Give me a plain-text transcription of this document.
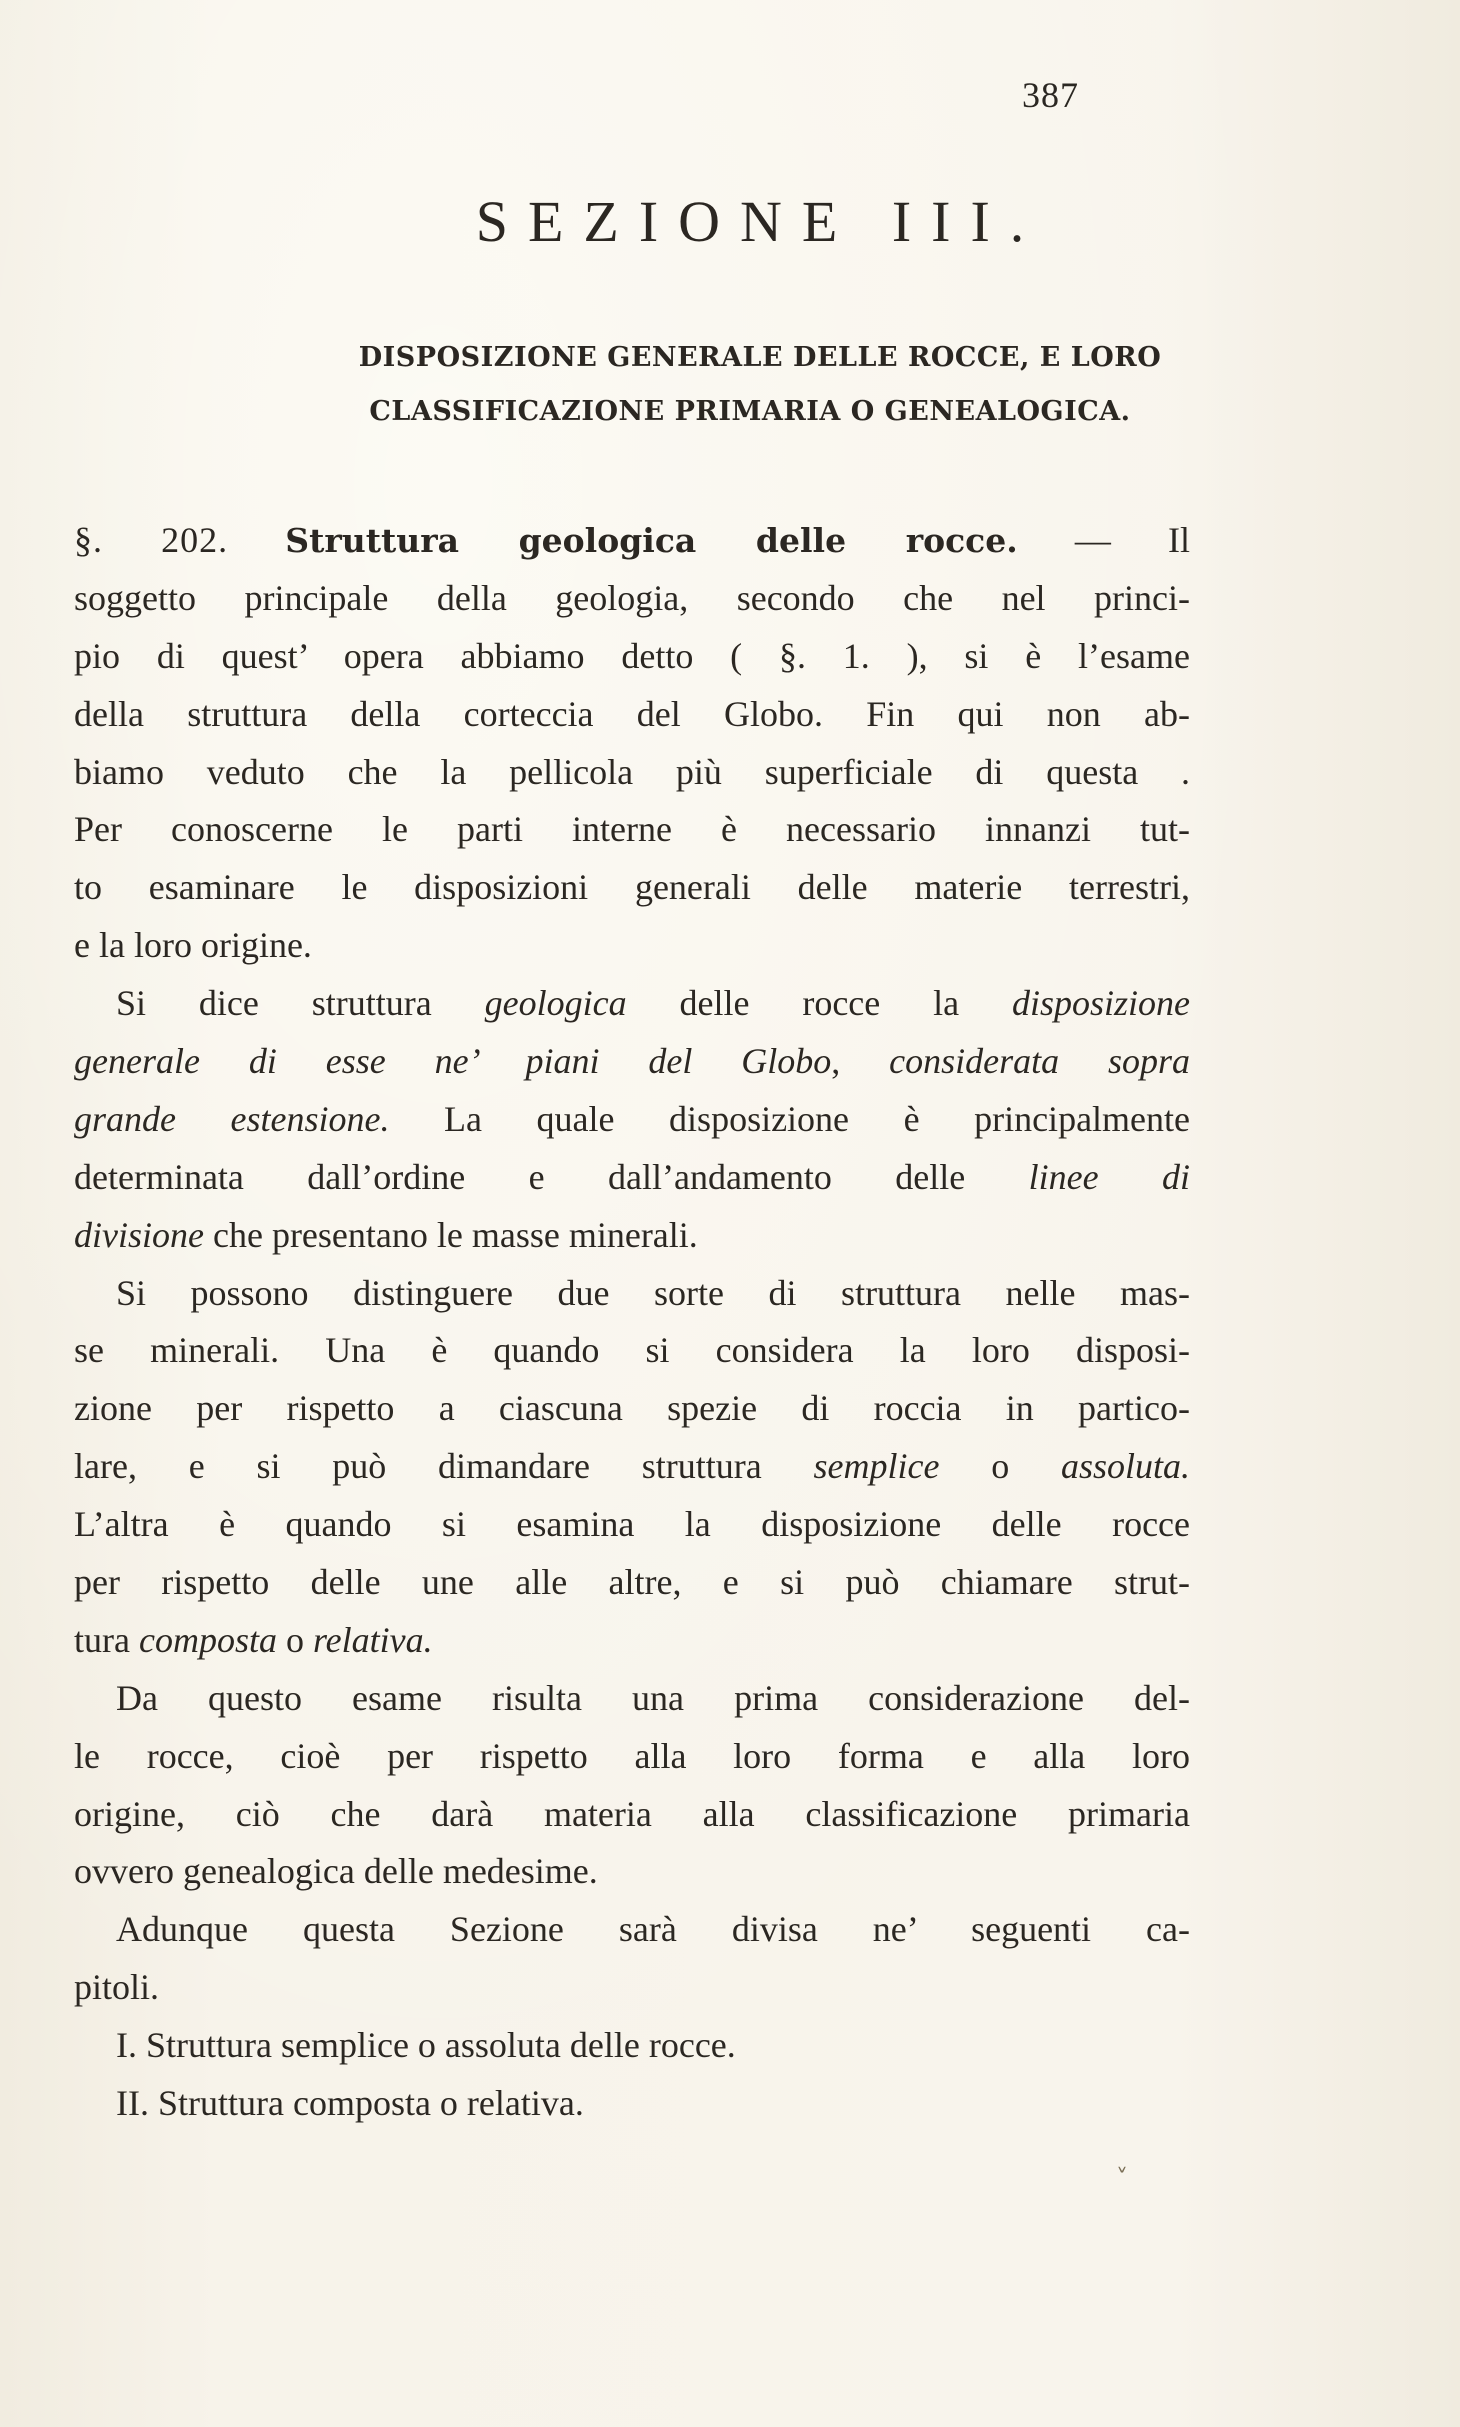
387
SEZIONE III.
DISPOSIZIONE GENERALE DELLE ROCCE, E LORO
CLASSIFICAZIONE PRIMARIA O GENEALOGICA.
§. 202. Struttura geologica delle rocce. — Il
soggetto principale della geologia, secondo che nel princi-
pio di quest’ opera abbiamo detto ( §. 1. ), si è l’esame
della struttura della corteccia del Globo. Fin qui non ab-
biamo veduto che la pellicola più superficiale di questa .
Per conoscerne le parti interne è necessario innanzi tut-
to esaminare le disposizioni generali delle materie terrestri,
e la loro origine.
Si dice struttura geologica delle rocce la disposizione
generale di esse ne’ piani del Globo, considerata sopra
grande estensione. La quale disposizione è principalmente
determinata dall’ordine e dall’andamento delle linee di
divisione che presentano le masse minerali.
Si possono distinguere due sorte di struttura nelle mas-
se minerali. Una è quando si considera la loro disposi-
zione per rispetto a ciascuna spezie di roccia in partico-
lare, e si può dimandare struttura semplice o assoluta.
L’altra è quando si esamina la disposizione delle rocce
per rispetto delle une alle altre, e si può chiamare strut-
tura composta o relativa.
Da questo esame risulta una prima considerazione del-
le rocce, cioè per rispetto alla loro forma e alla loro
origine, ciò che darà materia alla classificazione primaria
ovvero genealogica delle medesime.
Adunque questa Sezione sarà divisa ne’ seguenti ca-
pitoli.
I. Struttura semplice o assoluta delle rocce.
II. Struttura composta o relativa.
˅
